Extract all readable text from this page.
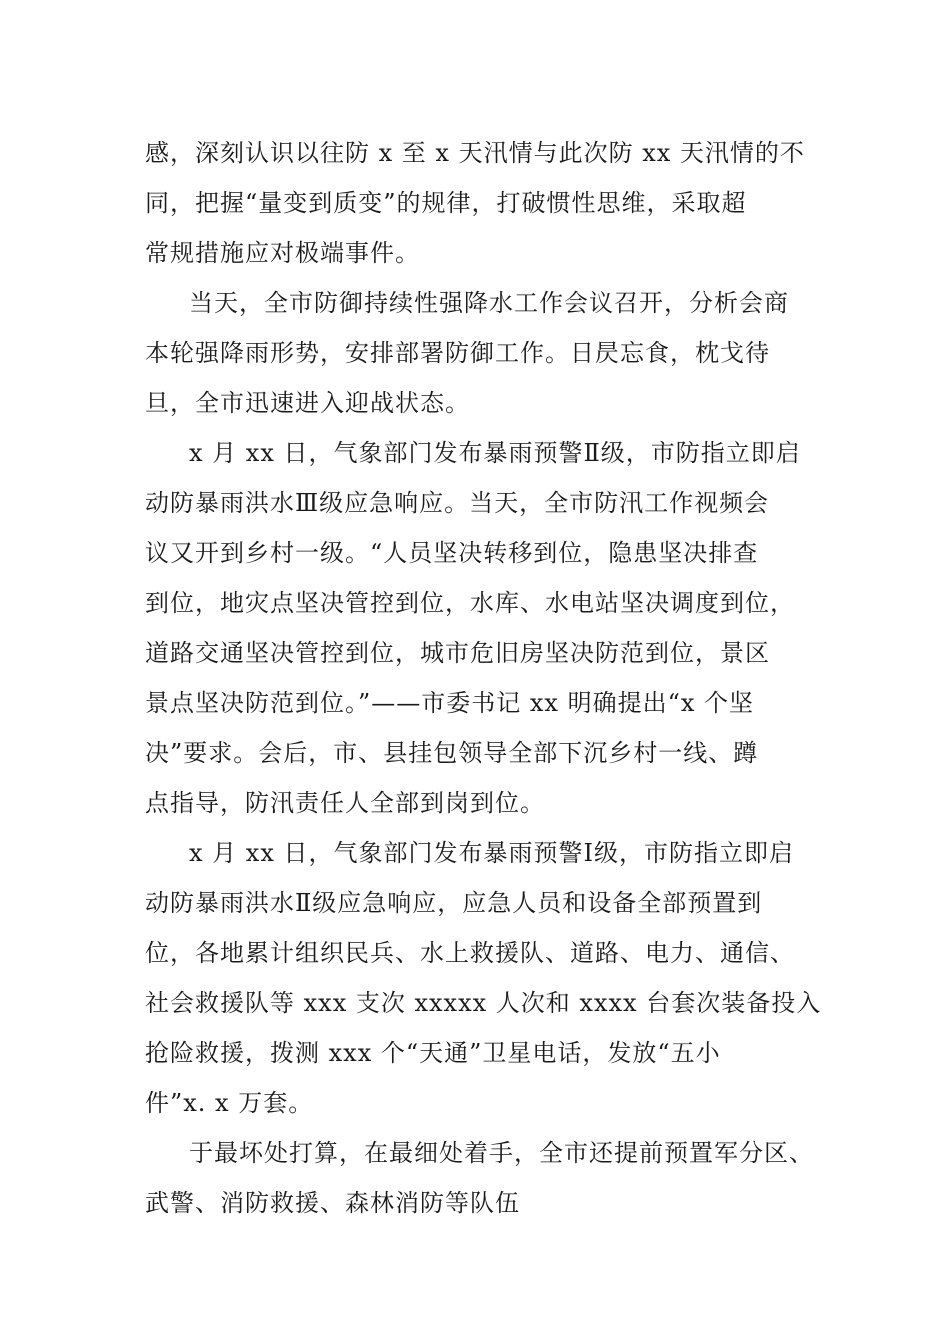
感，深刻认识以往防 x 至 x 天汛情与此次防 xx 天汛情的不
同，把握“量变到质变”的规律，打破惯性思维，采取超
常规措施应对极端事件。
当天，全市防御持续性强降水工作会议召开，分析会商
本轮强降雨形势，安排部署防御工作。日昃忘食，枕戈待
旦，全市迅速进入迎战状态。
x 月 xx 日，气象部门发布暴雨预警Ⅱ级，市防指立即启
动防暴雨洪水Ⅲ级应急响应。当天，全市防汛工作视频会
议又开到乡村一级。“人员坚决转移到位，隐患坚决排查
到位，地灾点坚决管控到位，水库、水电站坚决调度到位，
道路交通坚决管控到位，城市危旧房坚决防范到位，景区
景点坚决防范到位。”——市委书记 xx 明确提出“x 个坚
决”要求。会后，市、县挂包领导全部下沉乡村一线、蹲
点指导，防汛责任人全部到岗到位。
x 月 xx 日，气象部门发布暴雨预警Ⅰ级，市防指立即启
动防暴雨洪水Ⅱ级应急响应，应急人员和设备全部预置到
位，各地累计组织民兵、水上救援队、道路、电力、通信、
社会救援队等 xxx 支次 xxxxx 人次和 xxxx 台套次装备投入
抢险救援，拨测 xxx 个“天通”卫星电话，发放“五小
件”x. x 万套。
于最坏处打算，在最细处着手，全市还提前预置军分区、
武警、消防救援、森林消防等队伍
